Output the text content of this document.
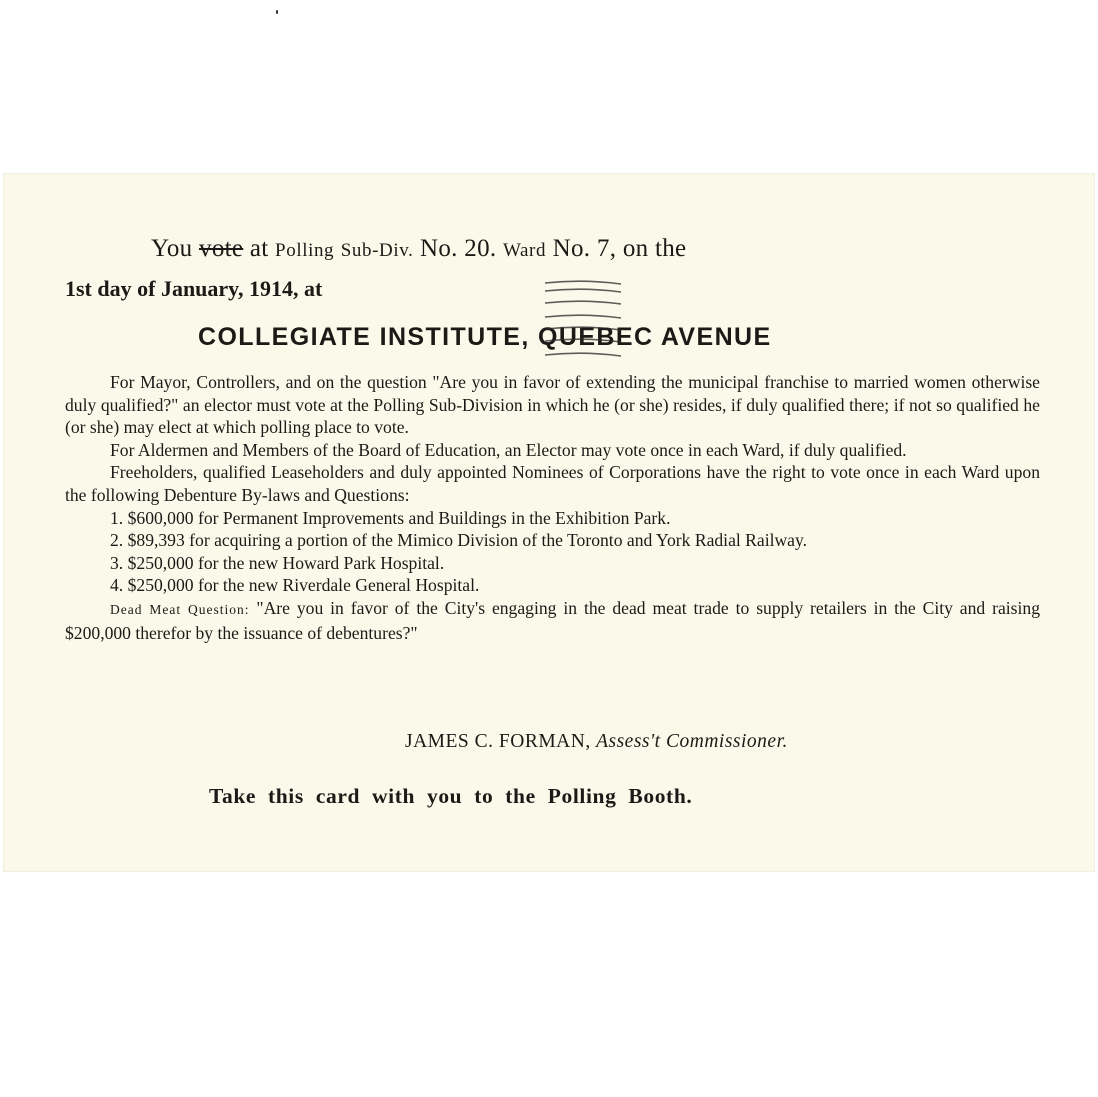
You vote at Polling Sub-Div. No. 20. Ward No. 7, on the
1st day of January, 1914, at
COLLEGIATE INSTITUTE, QUEBEC AVENUE

For Mayor, Controllers, and on the question "Are you in favor of extending the municipal franchise to married women otherwise duly qualified?" an elector must vote at the Polling Sub-Division in which he (or she) resides, if duly qualified there; if not so qualified he (or she) may elect at which polling place to vote.

For Aldermen and Members of the Board of Education, an Elector may vote once in each Ward, if duly qualified.

Freeholders, qualified Leaseholders and duly appointed Nominees of Corporations have the right to vote once in each Ward upon the following Debenture By-laws and Questions:

1. $600,000 for Permanent Improvements and Buildings in the Exhibition Park.

2. $89,393 for acquiring a portion of the Mimico Division of the Toronto and York Radial Railway.

3. $250,000 for the new Howard Park Hospital.

4. $250,000 for the new Riverdale General Hospital.

Dead Meat Question: "Are you in favor of the City's engaging in the dead meat trade to supply retailers in the City and raising $200,000 therefor by the issuance of debentures?"

JAMES C. FORMAN, Assess't Commissioner.
Take this card with you to the Polling Booth.
